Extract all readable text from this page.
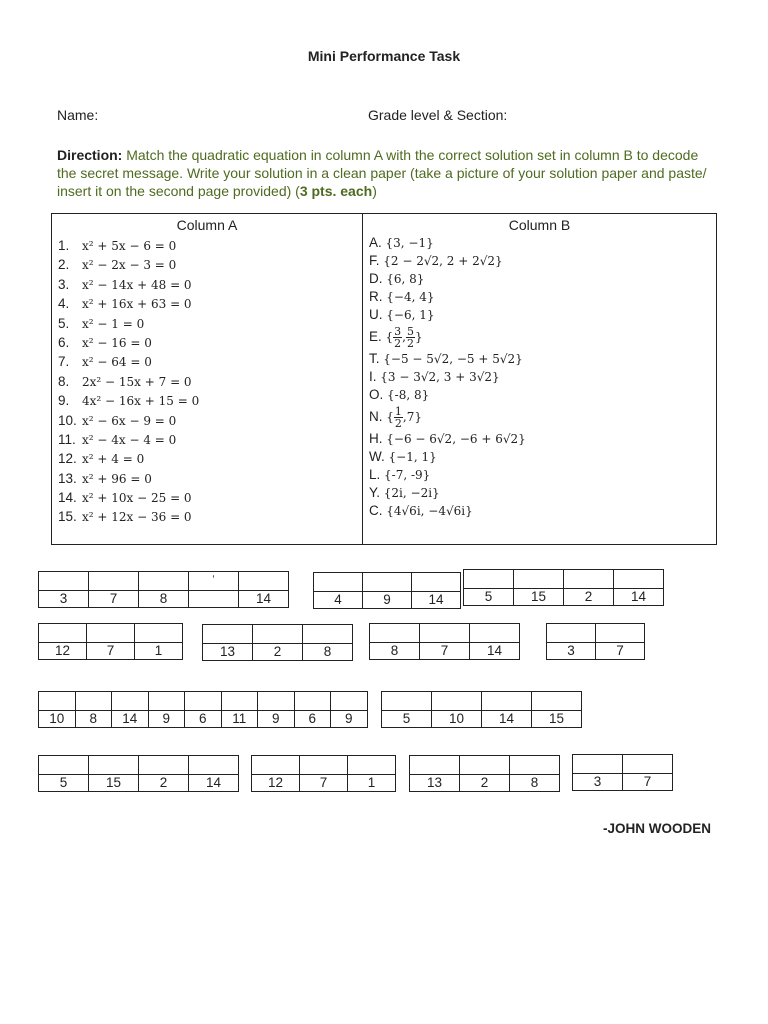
Mini Performance Task
Name:	Grade level & Section:
Direction: Match the quadratic equation in column A with the correct solution set in column B to decode the secret message. Write your solution in a clean paper (take a picture of your solution paper and paste/ insert it on the second page provided) (3 pts. each)
Column A
1. x² + 5x − 6 = 0
2. x² − 2x − 3 = 0
3. x² − 14x + 48 = 0
4. x² + 16x + 63 = 0
5. x² − 1 = 0
6. x² − 16 = 0
7. x² − 64 = 0
8. 2x² − 15x + 7 = 0
9. 4x² − 16x + 15 = 0
10. x² − 6x − 9 = 0
11. x² − 4x − 4 = 0
12. x² + 4 = 0
13. x² + 96 = 0
14. x² + 10x − 25 = 0
15. x² + 12x − 36 = 0
Column B
A. {3, −1}
F. {2 − 2√2, 2 + 2√2}
D. {6, 8}
R. {−4, 4}
U. {−6, 1}
E. { $\frac{3}{2}$ , $\frac{5}{2}$ }
T. {−5 − 5√2, −5 + 5√2}
I. {3 − 3√2, 3 + 3√2}
O. {-8, 8}
N. { $\frac{1}{2} ,7$}
H. {−6 − 6√2, −6 + 6√2}
W. {−1, 1}
L. {-7, -9}
Y. {2i, −2i}
C. {4√6i, −4√6i}
			‘	
3	7	8		14
			4	9	14
				5	15	2	14

12	7	1
			13	2	8
			8	7	14
		3	7

10	8	14	9	6	11	9	6	9
				5	10	14	15

5	15	2	14
			12	7	1
			13	2	8
		3	7
-JOHN WOODEN
